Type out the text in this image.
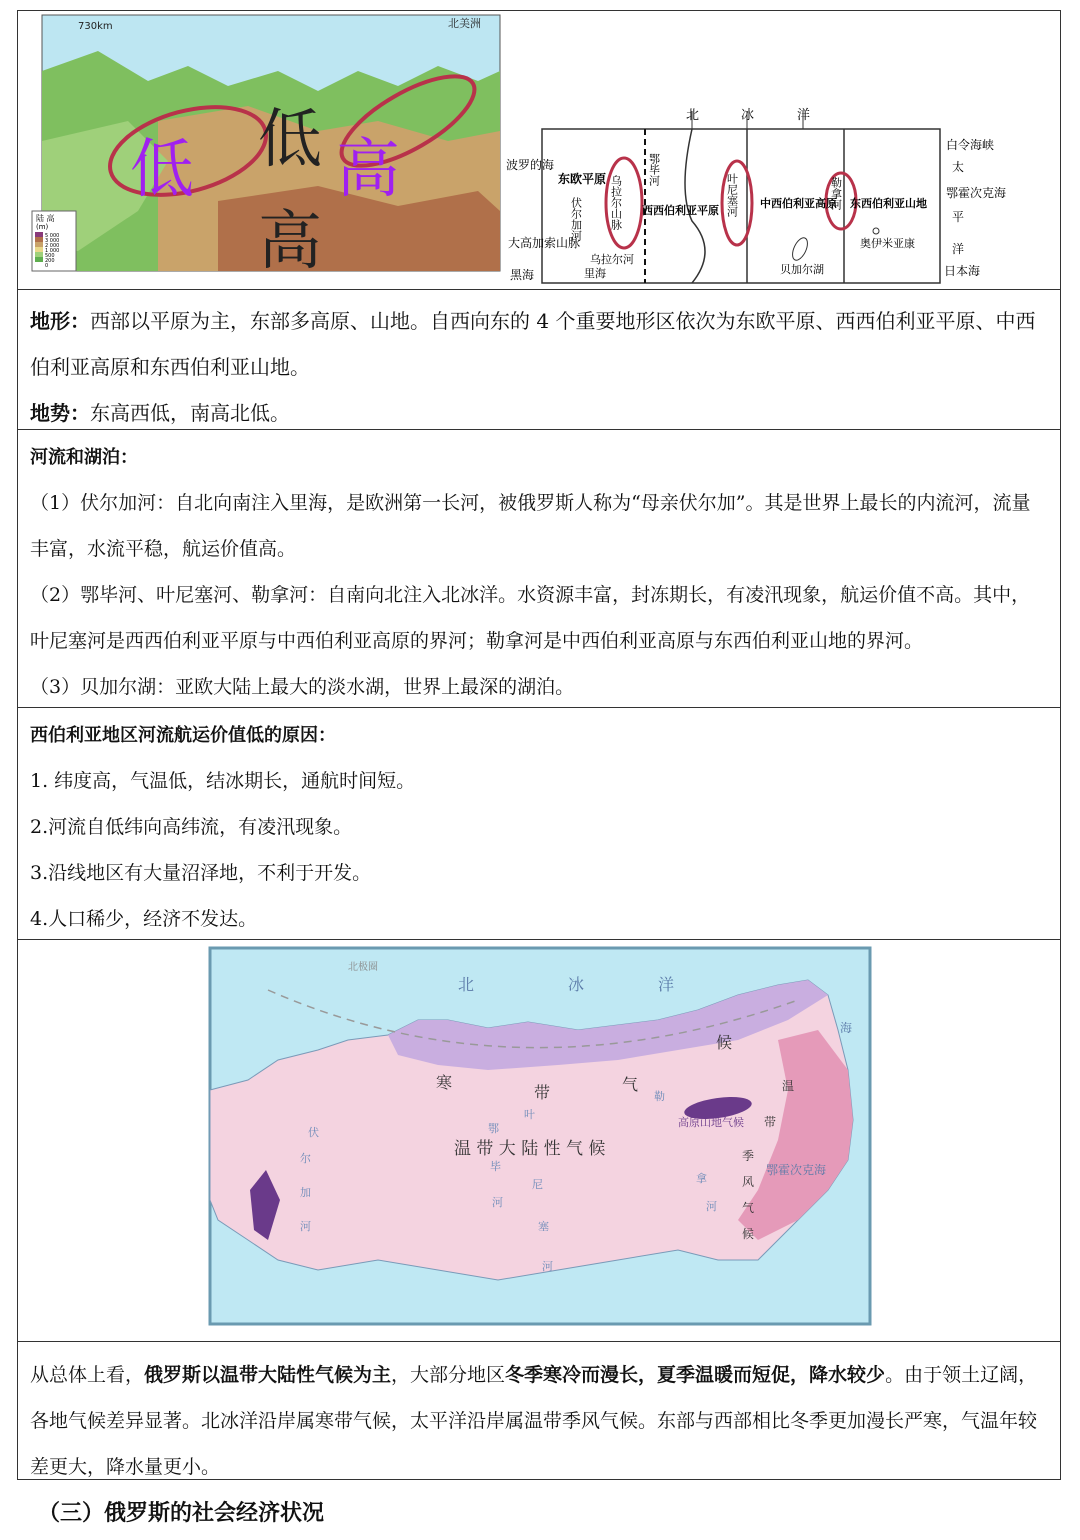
低 低 高
高
730km	北美洲
陆 高
(m)
5 000
3 000
2 000
1 000
500
200
0
北	冰	洋
波罗的海
大高加索山脉
黑海	里海
东欧平原 乌拉尔山脉 西西伯利亚平原
中西伯利亚高原 东西伯利亚山地
伏尔加河
鄂毕河
叶尼塞河	勒拿河
乌拉尔河
贝加尔湖
奥伊米亚康
白令海峡
太
鄂霍次克海
平
洋
日本海

地形：西部以平原为主，东部多高原、山地。自西向东的 4 个重要地形区依次为东欧平原、西西伯利亚平原、中西伯利亚高原和东西伯利亚山地。

地势：东高西低，南高北低。

河流和湖泊：

（1）伏尔加河：自北向南注入里海，是欧洲第一长河，被俄罗斯人称为“母亲伏尔加”。其是世界上最长的内流河，流量丰富，水流平稳，航运价值高。

（2）鄂毕河、叶尼塞河、勒拿河：自南向北注入北冰洋。水资源丰富，封冻期长，有凌汛现象，航运价值不高。其中，叶尼塞河是西西伯利亚平原与中西伯利亚高原的界河；勒拿河是中西伯利亚高原与东西伯利亚山地的界河。

（3）贝加尔湖：亚欧大陆上最大的淡水湖，世界上最深的湖泊。

西伯利亚地区河流航运价值低的原因：

1. 纬度高，气温低，结冰期长，通航时间短。

2.河流自低纬向高纬流，有凌汛现象。

3.沿线地区有大量沼泽地，不利于开发。

4.人口稀少，经济不发达。

北	冰	洋
寒
带	气
候
温 带 大 陆 性 气 候
高原山地气候
温
带
季
风
气
候
鄂霍次克海
海
北极圈
鄂
毕
河
叶
尼
塞
河
勒
拿
河
伏
尔
加
河

从总体上看，俄罗斯以温带大陆性气候为主，大部分地区冬季寒冷而漫长，夏季温暖而短促，降水较少。由于领土辽阔，各地气候差异显著。北冰洋沿岸属寒带气候，太平洋沿岸属温带季风气候。东部与西部相比冬季更加漫长严寒，气温年较差更大，降水量更小。

（三）俄罗斯的社会经济状况
